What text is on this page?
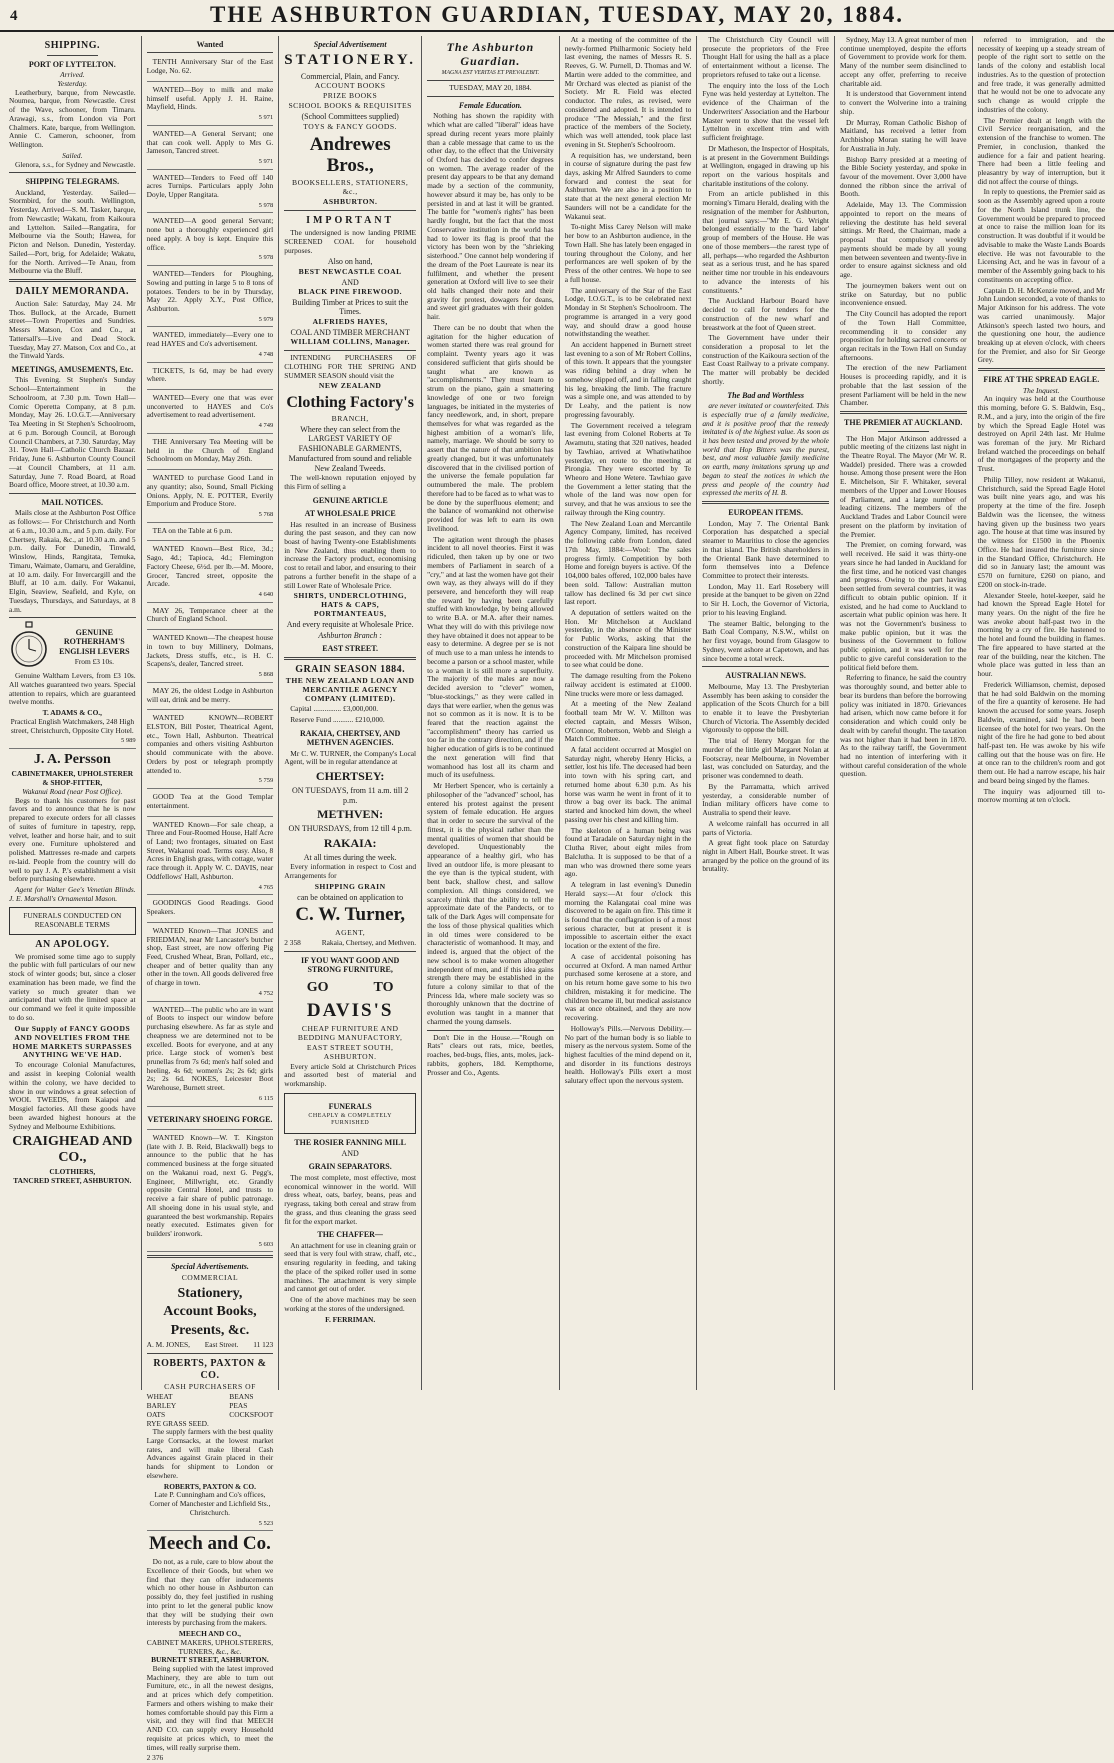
4	THE ASHBURTON GUARDIAN, TUESDAY, MAY 20, 1884.
SHIPPING.
PORT OF LYTTELTON.
Arrived.
Yesterday.
Leatherbury, barque, from Newcastle. Noumea, barque, from Newcastle. Crest of the Wave, schooner, from Timaru. Arawagi, s.s., from London via Port Chalmers. Kate, barque, from Wellington. Annie C. Cameron, schooner, from Wellington.
Sailed.
Glenora, s.s., for Sydney and Newcastle.
SHIPPING TELEGRAMS.
Auckland, Yesterday. Sailed—Stormbird, for the south. Wellington, Yesterday. Arrived—S. M. Tasker, barque, from Newcastle; Wakatu, from Kaikoura and Lyttelton. Sailed—Rangatira, for Melbourne via the South; Hawea, for Picton and Nelson. Dunedin, Yesterday. Sailed—Port, brig, for Adelaide; Wakatu, for the North. Arrived—Te Anau, from Melbourne via the Bluff.
DAILY MEMORANDA.
Auction Sale: Saturday, May 24. Mr Thos. Bullock, at the Arcade, Burnett street—Town Properties and Sundries. Messrs Matson, Cox and Co., at Tattersall's—Live and Dead Stock. Tuesday, May 27. Matson, Cox and Co., at the Tinwald Yards.
MEETINGS, AMUSEMENTS, Etc.
This Evening. St Stephen's Sunday School—Entertainment in the Schoolroom, at 7.30 p.m. Town Hall—Comic Operetta Company, at 8 p.m. Monday, May 26. I.O.G.T.—Anniversary Tea Meeting in St Stephen's Schoolroom, at 6 p.m. Borough Council, at Borough Council Chambers, at 7.30. Saturday, May 31. Town Hall—Catholic Church Bazaar. Friday, June 6. Ashburton County Council—at Council Chambers, at 11 a.m. Saturday, June 7. Road Board, at Road Board office, Moore street, at 10.30 a.m.
MAIL NOTICES.
Mails close at the Ashburton Post Office as follows:— For Christchurch and North at 6 a.m., 10.30 a.m., and 5 p.m. daily. For Chertsey, Rakaia, &c., at 10.30 a.m. and 5 p.m. daily. For Dunedin, Tinwald, Winslow, Hinds, Rangitata, Temuka, Timaru, Waimate, Oamaru, and Geraldine, at 10 a.m. daily. For Invercargill and the Bluff, at 10 a.m. daily. For Wakanui, Elgin, Seaview, Seafield, and Kyle, on Tuesdays, Thursdays, and Saturdays, at 8 a.m.
GENUINE ROTHERHAM'S ENGLISH LEVERS
From £3 10s.
Genuine Waltham Levers, from £3 10s. All watches guaranteed two years. Special attention to repairs, which are guaranteed twelve months.
T. ADAMS & CO.,
Practical English Watchmakers, 248 High street, Christchurch, Opposite City Hotel.
5 989
J. A. Persson
CABINETMAKER, UPHOLSTERER & SHOP-FITTER,
Wakanui Road (near Post Office).
Begs to thank his customers for past favors and to announce that he is now prepared to execute orders for all classes of suites of furniture in tapestry, repp, velvet, leather and horse hair, and to suit every one. Furniture upholstered and polished. Mattresses re-made and carpets re-laid. People from the country will do well to pay J. A. P.'s establishment a visit before purchasing elsewhere.
Agent for Walter Gee's Venetian Blinds. J. E. Marshall's Ornamental Mason.
FUNERALS CONDUCTED ON REASONABLE TERMS
AN APOLOGY.
We promised some time ago to supply the public with full particulars of our new stock of winter goods; but, since a closer examination has been made, we find the variety so much greater than we anticipated that with the limited space at our command we feel it quite impossible to do so.
Our Supply of FANCY GOODS AND NOVELTIES FROM THE HOME MARKETS SURPASSES ANYTHING WE'VE HAD.
To encourage Colonial Manufactures, and assist in keeping Colonial wealth within the colony, we have decided to show in our windows a great selection of WOOL TWEEDS, from Kaiapoi and Mosgiel factories. All these goods have been awarded highest honours at the Sydney and Melbourne Exhibitions.
CRAIGHEAD AND CO.,
CLOTHIERS,
TANCRED STREET, ASHBURTON.
Wanted
TENTH Anniversary Star of the East Lodge, No. 62.
WANTED—Boy to milk and make himself useful. Apply J. H. Raine, Mayfield, Hinds.
5 971
WANTED—A General Servant; one that can cook well. Apply to Mrs G. Jameson, Tancred street.
5 971
WANTED—Tenders to Feed off 140 acres Turnips. Particulars apply John Doyle, Upper Rangitata.
5 978
WANTED—A good general Servant; none but a thoroughly experienced girl need apply. A boy is kept. Enquire this office.
5 978
WANTED—Tenders for Ploughing, Sowing and putting in large 5 to 8 tons of potatoes. Tenders to be in by Thursday, May 22. Apply X.Y., Post Office, Ashburton.
5 979
WANTED, immediately—Every one to read HAYES and Co's advertisement.
4 748
TICKETS, Is 6d, may be had every where.
WANTED—Every one that was ever unconverted to HAYES and Co's advertisement to read advertisement.
4 749
THE Anniversary Tea Meeting will be held in the Church of England Schoolroom on Monday, May 26th.
WANTED to purchase Good Land in any quantity; also, Sound, Small Picking Onions. Apply, N. E. POTTER, Everily Emporium and Produce Store.
5 768
TEA on the Table at 6 p.m.
WANTED Known—Best Rice, 3d.; Sago, 4d.; Tapioca, 4d.; Flemington Factory Cheese, 6½d. per lb.—M. Moore, Grocer, Tancred street, opposite the Arcade.
4 640
MAY 26, Temperance cheer at the Church of England School.
WANTED Known—The cheapest house in town to buy Millinery, Dolmans, Jackets, Dress stuffs, etc., is H. C. Scapens's, dealer, Tancred street.
5 868
MAY 26, the oldest Lodge in Ashburton will eat, drink and be merry.
WANTED KNOWN—ROBERT ELSTON, Bill Poster, Theatrical Agent, etc., Town Hall, Ashburton. Theatrical companies and others visiting Ashburton should communicate with the above. Orders by post or telegraph promptly attended to.
5 759
GOOD Tea at the Good Templar entertainment.
WANTED Known—For sale cheap, a Three and Four-Roomed House, Half Acre of Land; two frontages, situated on East Street, Wakanui road. Terms easy. Also, 8 Acres in English grass, with cottage, water race through it. Apply W. C. DAVIS, near Oddfellows' Hall, Ashburton.
4 765
GOODINGS Good Readings. Good Speakers.
WANTED Known—That JONES and FRIEDMAN, near Mr Lancaster's butcher shop, East street, are now offering Pig Feed, Crushed Wheat, Bran, Pollard, etc., cheaper and of better quality than any other in the town. All goods delivered free of charge in town.
4 752
WANTED—The public who are in want of Boots to inspect our window before purchasing elsewhere. As far as style and cheapness we are determined not to be excelled. Boots for everyone, and at any price. Large stock of women's best prunellas from 7s 6d; men's half soled and heeling, 4s 6d; women's 2s; 2s 6d; girls 2s; 2s 6d. NOKES, Leicester Boot Warehouse, Burnett street.
6 115
VETERINARY SHOEING FORGE.
WANTED Known—W. T. Kingston (late with J. B. Reid, Blackwall) begs to announce to the public that he has commenced business at the forge situated on the Wakanui road, next G. Pegg's, Engineer, Millwright, etc. Grandly opposite Central Hotel, and trusts to receive a fair share of public patronage. All shoeing done in his usual style, and guaranteed the best workmanship. Repairs neatly executed. Estimates given for builders' ironwork.
5 603
Special Advertisements.
COMMERCIAL
Stationery,
Account Books,
Presents, &c.
A. M. JONES, East Street. 11 123
ROBERTS, PAXTON & CO.
CASH PURCHASERS OF
WHEAT
BARLEY
OATS
RYE GRASS SEED.
BEANS
PEAS
COCKSFOOT
The supply farmers with the best quality Large Cornsacks, at the lowest market rates, and will make liberal Cash Advances against Grain placed in their hands for shipment to London or elsewhere.
ROBERTS, PAXTON & CO.
Late P. Cunningham and Co's offices, Corner of Manchester and Lichfield Sts., Christchurch.
5 523
Meech and Co.
Do not, as a rule, care to blow about the Excellence of their Goods, but when we find that they can offer inducements which no other house in Ashburton can possibly do, they feel justified in rushing into print to let the general public know that they will be studying their own interests by purchasing from the makers.
MEECH AND CO.,
CABINET MAKERS, UPHOLSTERERS, TURNERS, &c., &c.
BURNETT STREET, ASHBURTON.
Being supplied with the latest improved Machinery, they are able to turn out Furniture, etc., in all the newest designs, and at prices which defy competition. Farmers and others wishing to make their homes comfortable should pay this Firm a visit, and they will find that MEECH AND CO. can supply every Household requisite at prices which, to meet the times, will really surprise them.
2 376
Special Advertisement
STATIONERY.
Commercial, Plain, and Fancy.
ACCOUNT BOOKS
PRIZE BOOKS
SCHOOL BOOKS & REQUISITES
(School Committees supplied)
TOYS & FANCY GOODS.
Andrewes Bros.,
BOOKSELLERS, STATIONERS, &c.,
ASHBURTON.
IMPORTANT
The undersigned is now landing PRIME SCREENED COAL for household purposes.
Also on hand,
BEST NEWCASTLE COAL
AND
BLACK PINE FIREWOOD.
Building Timber at Prices to suit the Times.
ALFRIEDS HAYES,
COAL AND TIMBER MERCHANT
WILLIAM COLLINS, Manager.
INTENDING PURCHASERS OF CLOTHING FOR THE SPRING AND SUMMER SEASON should visit the
NEW ZEALAND
Clothing Factory's
BRANCH,
Where they can select from the LARGEST VARIETY OF FASHIONABLE GARMENTS,
Manufactured from sound and reliable New Zealand Tweeds.
The well-known reputation enjoyed by this Firm of selling a
GENUINE ARTICLE
AT WHOLESALE PRICE
Has resulted in an increase of Business during the past season, and they can now boast of having Twenty-one Establishments in New Zealand, thus enabling them to increase the Factory product, economising cost to retail and labor, and ensuring to their patrons a further benefit in the shape of a still Lower Rate of Wholesale Price.
SHIRTS, UNDERCLOTHING, HATS & CAPS, PORTMANTEAUS,
And every requisite at Wholesale Price.
Ashburton Branch :
EAST STREET.
GRAIN SEASON 1884.
THE NEW ZEALAND LOAN AND MERCANTILE AGENCY COMPANY (LIMITED).
Capital ............... £3,000,000.
Reserve Fund ........... £210,000.
RAKAIA, CHERTSEY, AND METHVEN AGENCIES.
Mr C. W. TURNER, the Company's Local Agent, will be in regular attendance at
CHERTSEY:
ON TUESDAYS, from 11 a.m. till 2 p.m.
METHVEN:
ON THURSDAYS, from 12 till 4 p.m.
RAKAIA:
At all times during the week.
Every information in respect to Cost and Arrangements for
SHIPPING GRAIN
can be obtained on application to
C. W. Turner,
AGENT,
2 358	Rakaia, Chertsey, and Methven.
IF YOU WANT GOOD AND STRONG FURNITURE,
GO	TO
DAVIS'S
CHEAP FURNITURE AND BEDDING MANUFACTORY,
EAST STREET SOUTH, ASHBURTON.
Every article Sold at Christchurch Prices and assorted best of material and workmanship.
FUNERALS
CHEAPLY & COMPLETELY FURNISHED
THE ROSIER FANNING MILL
AND
GRAIN SEPARATORS.
The most complete, most effective, most economical winnower in the world. Will dress wheat, oats, barley, beans, peas and ryegrass, taking both cereal and straw from the grass, and thus cleaning the grass seed fit for the export market.
THE CHAFFER—
An attachment for use in cleaning grain or seed that is very foul with straw, chaff, etc., ensuring regularity in feeding, and taking the place of the spiked roller used in some machines. The attachment is very simple and cannot get out of order.
One of the above machines may be seen working at the stores of the undersigned.
F. FERRIMAN.
The Ashburton Guardian.
MAGNA EST VERITAS ET PREVALEBIT.
TUESDAY, MAY 20, 1884.
Female Education.
Nothing has shown the rapidity with which what are called "liberal" ideas have spread during recent years more plainly than a cable message that came to us the other day, to the effect that the University of Oxford has decided to confer degrees on women. The average reader of the present day appears to be that any demand made by a section of the community, however absurd it may be, has only to be persisted in and at last it will be granted. The battle for "women's rights" has been hardly fought, but the fact that the most Conservative institution in the world has had to lower its flag is proof that the victory has been won by the "shrieking sisterhood." One cannot help wondering if the dream of the Poet Laureate is near its fulfilment, and whether the present generation at Oxford will live to see their old halls changed their note and their gravity for protest, dowagers for deans, and sweet girl graduates with their golden hair.
There can be no doubt that when the agitation for the higher education of women started there was real ground for complaint. Twenty years ago it was considered sufficient that girls should be taught what are known as "accomplishments." They must learn to strum on the piano, gain a smattering knowledge of one or two foreign languages, be initiated in the mysteries of fancy needlework, and, in short, prepare themselves for what was regarded as the highest ambition of a woman's life, namely, marriage. We should be sorry to assert that the nature of that ambition has greatly changed, but it was unfortunately discovered that in the civilised portion of the universe the female population far outnumbered the male. The problem therefore had to be faced as to what was to be done by the superfluous element; and the balance of womankind not otherwise provided for was left to earn its own livelihood.
The agitation went through the phases incident to all novel theories. First it was ridiculed, then taken up by one or two members of Parliament in search of a "cry," and at last the women have got their own way, as they always will do if they persevere, and henceforth they will reap the reward by having been carefully stuffed with knowledge, by being allowed to write B.A. or M.A. after their names. What they will do with this privilege now they have obtained it does not appear to be easy to determine. A degree per se is not of much use to a man unless he intends to become a parson or a school master, while to a woman it is still more a superfluity. The majority of the males are now a decided aversion to "clever" women, "blue-stockings," as they were called in days that were earlier, when the genus was not so common as it is now. It is to be feared that the reaction against the "accomplishment" theory has carried us too far in the contrary direction, and if the higher education of girls is to be continued the next generation will find that womanhood has lost all its charm and much of its usefulness.
Mr Herbert Spencer, who is certainly a philosopher of the "advanced" school, has entered his protest against the present system of female education. He argues that in order to secure the survival of the fittest, it is the physical rather than the mental qualities of women that should be developed. Unquestionably the appearance of a healthy girl, who has lived an outdoor life, is more pleasant to the eye than is the typical student, with bent back, shallow chest, and sallow complexion. All things considered, we scarcely think that the ability to tell the approximate date of the Pandects, or to talk of the Dark Ages will compensate for the loss of those physical qualities which in old times were considered to be characteristic of womanhood. It may, and indeed is, argued that the object of the new school is to make women altogether independent of men, and if this idea gains strength there may be established in the future a colony similar to that of the Princess Ida, where male society was so thoroughly unknown that the doctrine of evolution was taught in a manner that charmed the young damsels.
Don't Die in the House.—"Rough on Rats" clears out rats, mice, beetles, roaches, bed-bugs, flies, ants, moles, jack-rabbits, gophers, 18d. Kempthorne, Prosser and Co., Agents.
At a meeting of the committee of the newly-formed Philharmonic Society held last evening, the names of Messrs R. S. Reeves, G. W. Purnell, D. Thomas and W. Martin were added to the committee, and Mr Orchard was elected as pianist of the Society. Mr R. Field was elected conductor. The rules, as revised, were considered and adopted. It is intended to produce "The Messiah," and the first practice of the members of the Society, which was well attended, took place last evening in St. Stephen's Schoolroom.
A requisition has, we understand, been in course of signature during the past few days, asking Mr Alfred Saunders to come forward and contest the seat for Ashburton. We are also in a position to state that at the next general election Mr Saunders will not be a candidate for the Wakanui seat.
To-night Miss Carey Nelson will make her bow to an Ashburton audience, in the Town Hall. She has lately been engaged in touring throughout the Colony, and her performances are well spoken of by the Press of the other centres. We hope to see a full house.
The anniversary of the Star of the East Lodge, I.O.G.T., is to be celebrated next Monday in St Stephen's Schoolroom. The programme is arranged in a very good way, and should draw a good house notwithstanding the weather.
An accident happened in Burnett street last evening to a son of Mr Robert Collins, of this town. It appears that the youngster was riding behind a dray when he somehow slipped off, and in falling caught his leg, breaking the limb. The fracture was a simple one, and was attended to by Dr Leahy, and the patient is now progressing favourably.
The Government received a telegram last evening from Colonel Roberts at Te Awamutu, stating that 320 natives, headed by Tawhiao, arrived at Whatiwhatihoe yesterday, en route to the meeting at Pirongia. They were escorted by Te Wheoro and Hone Wetere. Tawhiao gave the Government a letter stating that the whole of the land was now open for survey, and that he was anxious to see the railway through the King country.
The New Zealand Loan and Mercantile Agency Company, limited, has received the following cable from London, dated 17th May, 1884:—Wool: The sales progress firmly. Competition by both Home and foreign buyers is active. Of the 104,000 bales offered, 102,000 bales have been sold. Tallow: Australian mutton tallow has declined 6s 3d per cwt since last report.
A deputation of settlers waited on the Hon. Mr Mitchelson at Auckland yesterday, in the absence of the Minister for Public Works, asking that the construction of the Kaipara line should be proceeded with. Mr Mitchelson promised to see what could be done.
The damage resulting from the Pokeno railway accident is estimated at £1000. Nine trucks were more or less damaged.
At a meeting of the New Zealand football team Mr W. V. Millton was elected captain, and Messrs Wilson, O'Connor, Robertson, Webb and Sleigh a Match Committee.
A fatal accident occurred at Mosgiel on Saturday night, whereby Henry Hicks, a settler, lost his life. The deceased had been into town with his spring cart, and returned home about 6.30 p.m. As his horse was warm he went in front of it to throw a bag over its back. The animal started and knocked him down, the wheel passing over his chest and killing him.
The skeleton of a human being was found at Taradale on Saturday night in the Clutha River, about eight miles from Balclutha. It is supposed to be that of a man who was drowned there some years ago.
A telegram in last evening's Dunedin Herald says:—At four o'clock this morning the Kalangatai coal mine was discovered to be again on fire. This time it is found that the conflagration is of a most serious character, but at present it is impossible to ascertain either the exact location or the extent of the fire.
A case of accidental poisoning has occurred at Oxford. A man named Arthur purchased some kerosene at a store, and on his return home gave some to his two children, mistaking it for medicine. The children became ill, but medical assistance was at once obtained, and they are now recovering.
Holloway's Pills.—Nervous Debility.—No part of the human body is so liable to misery as the nervous system. Some of the highest faculties of the mind depend on it, and disorder in its functions destroys health. Holloway's Pills exert a most salutary effect upon the nervous system.
The Christchurch City Council will prosecute the proprietors of the Free Thought Hall for using the hall as a place of entertainment without a license. The proprietors refused to take out a license.
The enquiry into the loss of the Loch Fyne was held yesterday at Lyttelton. The evidence of the Chairman of the Underwriters' Association and the Harbour Master went to show that the vessel left Lyttelton in excellent trim and with sufficient freightage.
Dr Matheson, the Inspector of Hospitals, is at present in the Government Buildings at Wellington, engaged in drawing up his report on the various hospitals and charitable institutions of the colony.
From an article published in this morning's Timaru Herald, dealing with the resignation of the member for Ashburton, that journal says:—"Mr E. G. Wright belonged essentially to the 'hard labor' group of members of the House. He was one of those members—the rarest type of all, perhaps—who regarded the Ashburton seat as a serious trust, and he has spared neither time nor trouble in his endeavours to advance the interests of his constituents."
The Auckland Harbour Board have decided to call for tenders for the construction of the new wharf and breastwork at the foot of Queen street.
The Government have under their consideration a proposal to let the construction of the Kaikoura section of the East Coast Railway to a private company. The matter will probably be decided shortly.
The Bad and Worthless
are never imitated or counterfeited. This is especially true of a family medicine, and it is positive proof that the remedy imitated is of the highest value. As soon as it has been tested and proved by the whole world that Hop Bitters was the purest, best, and most valuable family medicine on earth, many imitations sprung up and began to steal the notices in which the press and people of the country had expressed the merits of H. B.
EUROPEAN ITEMS.
London, May 7. The Oriental Bank Corporation has despatched a special steamer to Mauritius to close the agencies in that island. The British shareholders in the Oriental Bank have determined to form themselves into a Defence Committee to protect their interests.
London, May 11. Earl Rosebery will preside at the banquet to be given on 22nd to Sir H. Loch, the Governor of Victoria, prior to his leaving England.
The steamer Baltic, belonging to the Bath Coal Company, N.S.W., whilst on her first voyage, bound from Glasgow to Sydney, went ashore at Capetown, and has since become a total wreck.
AUSTRALIAN NEWS.
Melbourne, May 13. The Presbyterian Assembly has been asking to consider the application of the Scots Church for a bill to enable it to leave the Presbyterian Church of Victoria. The Assembly decided vigorously to oppose the bill.
The trial of Henry Morgan for the murder of the little girl Margaret Nolan at Footscray, near Melbourne, in November last, was concluded on Saturday, and the prisoner was condemned to death.
By the Parramatta, which arrived yesterday, a considerable number of Indian military officers have come to Australia to spend their leave.
A welcome rainfall has occurred in all parts of Victoria.
A great fight took place on Saturday night in Albert Hall, Bourke street. It was arranged by the police on the ground of its brutality.
Sydney, May 13. A great number of men continue unemployed, despite the efforts of Government to provide work for them. Many of the number seem disinclined to accept any offer, preferring to receive charitable aid.
It is understood that Government intend to convert the Wolverine into a training ship.
Dr Murray, Roman Catholic Bishop of Maitland, has received a letter from Archbishop Moran stating he will leave for Australia in July.
Bishop Barry presided at a meeting of the Bible Society yesterday, and spoke in favour of the movement. Over 3,000 have donned the ribbon since the arrival of Booth.
Adelaide, May 13. The Commission appointed to report on the means of relieving the destitute has held several sittings. Mr Reed, the Chairman, made a proposal that compulsory weekly payments should be made by all young men between seventeen and twenty-five in order to ensure against sickness and old age.
The journeymen bakers went out on strike on Saturday, but no public inconvenience ensued.
The City Council has adopted the report of the Town Hall Committee, recommending it to consider any proposition for holding sacred concerts or organ recitals in the Town Hall on Sunday afternoons.
The erection of the new Parliament Houses is proceeding rapidly, and it is probable that the last session of the present Parliament will be held in the new Chamber.
THE PREMIER AT AUCKLAND.
The Hon Major Atkinson addressed a public meeting of the citizens last night in the Theatre Royal. The Mayor (Mr W. R. Waddel) presided. There was a crowded house. Among those present were the Hon E. Mitchelson, Sir F. Whitaker, several members of the Upper and Lower Houses of Parliament, and a large number of leading citizens. The members of the Auckland Trades and Labor Council were present on the platform by invitation of the Premier.
The Premier, on coming forward, was well received. He said it was thirty-one years since he had landed in Auckland for the first time, and he noticed vast changes and progress. Owing to the part having been settled from several countries, it was difficult to obtain public opinion. If it existed, and he had come to Auckland to ascertain what public opinion was here. It was not the Government's business to make public opinion, but it was the business of the Government to follow public opinion, and it was well for the public to give careful consideration to the political field before them.
Referring to finance, he said the country was thoroughly sound, and better able to bear its burdens than before the borrowing policy was initiated in 1870. Grievances had arisen, which now came before it for consideration and which could only be dealt with by careful thought. The taxation was not higher than it had been in 1870. As to the railway tariff, the Government had no intention of interfering with it without careful consideration of the whole question.
referred to immigration, and the necessity of keeping up a steady stream of people of the right sort to settle on the lands of the colony and establish local industries. As to the question of protection and free trade, it was generally admitted that he would not be one to advocate any such change as would cripple the industries of the colony.
The Premier dealt at length with the Civil Service reorganisation, and the extension of the franchise to women. The Premier, in conclusion, thanked the audience for a fair and patient hearing. There had been a little feeling and pleasantry by way of interruption, but it did not affect the course of things.
In reply to questions, the Premier said as soon as the Assembly agreed upon a route for the North Island trunk line, the Government would be prepared to proceed at once to raise the million loan for its construction. It was doubtful if it would be advisable to make the Waste Lands Boards elective. He was not favourable to the Licensing Act, and he was in favour of a member of the Assembly going back to his constituents on accepting office.
Captain D. H. McKenzie moved, and Mr John Lundon seconded, a vote of thanks to Major Atkinson for his address. The vote was carried unanimously. Major Atkinson's speech lasted two hours, and the questioning one hour, the audience breaking up at eleven o'clock, with cheers for the Premier, and also for Sir George Grey.
FIRE AT THE SPREAD EAGLE.
The Inquest.
An inquiry was held at the Courthouse this morning, before G. S. Baldwin, Esq., R.M., and a jury, into the origin of the fire by which the Spread Eagle Hotel was destroyed on April 24th last. Mr Hulme was foreman of the jury. Mr Richard Ireland watched the proceedings on behalf of the mortgagees of the property and the Trust.
Philip Tilley, now resident at Wakanui, Christchurch, said the Spread Eagle Hotel was built nine years ago, and was his property at the time of the fire. Joseph Baldwin was the licensee, the witness having given up the business two years ago. The house at that time was insured by the witness for £1500 in the Phoenix Office. He had insured the furniture since in the Standard Office, Christchurch. He did so in January last; the amount was £570 on furniture, £260 on piano, and £200 on stock-in-trade.
Alexander Steele, hotel-keeper, said he had known the Spread Eagle Hotel for many years. On the night of the fire he was awoke about half-past two in the morning by a cry of fire. He hastened to the hotel and found the building in flames. The fire appeared to have started at the rear of the building, near the kitchen. The whole place was gutted in less than an hour.
Frederick Williamson, chemist, deposed that he had sold Baldwin on the morning of the fire a quantity of kerosene. He had known the accused for some years. Joseph Baldwin, examined, said he had been licensee of the hotel for two years. On the night of the fire he had gone to bed about half-past ten. He was awoke by his wife calling out that the house was on fire. He at once ran to the children's room and got them out. He had a narrow escape, his hair and beard being singed by the flames.
The inquiry was adjourned till to-morrow morning at ten o'clock.
